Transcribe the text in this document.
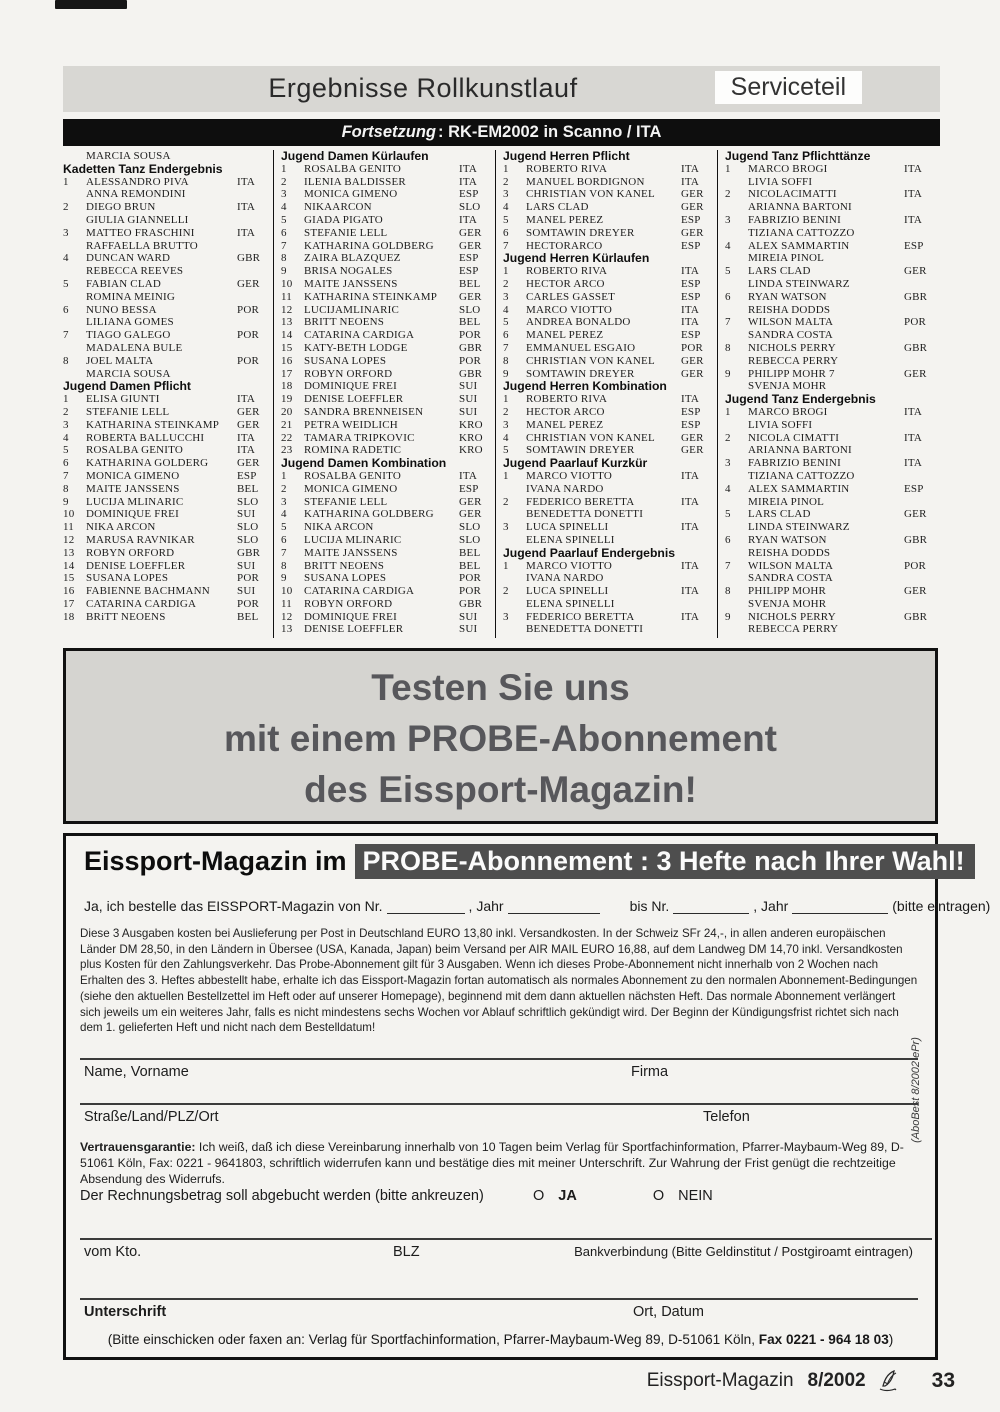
Ergebnisse Rollkunstlauf	Serviceteil
Fortsetzung : RK-EM2002 in Scanno / ITA
MARCIA SOUSA
Kadetten Tanz Endergebnis
1	ALESSANDRO PIVA	ITA
ANNA REMONDINI
2	DIEGO BRUN	ITA
GIULIA GIANNELLI
3	MATTEO FRASCHINI	ITA
RAFFAELLA BRUTTO
4	DUNCAN WARD	GBR
REBECCA REEVES
5	FABIAN CLAD	GER
ROMINA MEINIG
6	NUNO BESSA	POR
LILIANA GOMES
7	TIAGO GALEGO	POR
MADALENA BULE
8	JOEL MALTA	POR
MARCIA SOUSA
Jugend Damen Pflicht
1	ELISA GIUNTI	ITA
2	STEFANIE LELL	GER
3	KATHARINA STEINKAMP	GER
4	ROBERTA BALLUCCHI	ITA
5	ROSALBA GENITO	ITA
6	KATHARINA GOLDERG	GER
7	MONICA GIMENO	ESP
8	MAITE JANSSENS	BEL
9	LUCIJA MLINARIC	SLO
10	DOMINIQUE FREI	SUI
11	NIKA ARCON	SLO
12	MARUSA RAVNIKAR	SLO
13	ROBYN ORFORD	GBR
14	DENISE LOEFFLER	SUI
15	SUSANA LOPES	POR
16	FABIENNE BACHMANN	SUI
17	CATARINA CARDIGA	POR
18	BRiTT NEOENS	BEL
Jugend Damen Kürlaufen
1	ROSALBA GENITO	ITA
2	ILENIA BALDISSER	ITA
3	MONICA GIMENO	ESP
4	NIKAARCON	SLO
5	GIADA PIGATO	ITA
6	STEFANIE LELL	GER
7	KATHARINA GOLDBERG	GER
8	ZAIRA BLAZQUEZ	ESP
9	BRISA NOGALES	ESP
10	MAITE JANSSENS	BEL
11	KATHARINA STEINKAMP	GER
12	LUCIJAMLINARIC	SLO
13	BRITT NEOENS	BEL
14	CATARINA CARDIGA	POR
15	KATY-BETH LODGE	GBR
16	SUSANA LOPES	POR
17	ROBYN ORFORD	GBR
18	DOMINIQUE FREI	SUI
19	DENISE LOEFFLER	SUI
20	SANDRA BRENNEISEN	SUI
21	PETRA WEIDLICH	KRO
22	TAMARA TRIPKOVIC	KRO
23	ROMINA RADETIC	KRO
Jugend Damen Kombination
1	ROSALBA GENITO	ITA
2	MONICA GIMENO	ESP
3	STEFANIE LELL	GER
4	KATHARINA GOLDBERG	GER
5	NIKA ARCON	SLO
6	LUCIJA MLINARIC	SLO
7	MAITE JANSSENS	BEL
8	BRITT NEOENS	BEL
9	SUSANA LOPES	POR
10	CATARINA CARDIGA	POR
11	ROBYN ORFORD	GBR
12	DOMINIQUE FREI	SUI
13	DENISE LOEFFLER	SUI
Jugend Herren Pflicht
1	ROBERTO RIVA	ITA
2	MANUEL BORDIGNON	ITA
3	CHRISTIAN VON KANEL	GER
4	LARS CLAD	GER
5	MANEL PEREZ	ESP
6	SOMTAWIN DREYER	GER
7	HECTORARCO	ESP
Jugend Herren Kürlaufen
1	ROBERTO RIVA	ITA
2	HECTOR ARCO	ESP
3	CARLES GASSET	ESP
4	MARCO VIOTTO	ITA
5	ANDREA BONALDO	ITA
6	MANEL PEREZ	ESP
7	EMMANUEL ESGAIO	POR
8	CHRISTIAN VON KANEL	GER
9	SOMTAWIN DREYER	GER
Jugend Herren Kombination
1	ROBERTO RIVA	ITA
2	HECTOR ARCO	ESP
3	MANEL PEREZ	ESP
4	CHRISTIAN VON KANEL	GER
5	SOMTAWIN DREYER	GER
Jugend Paarlauf Kurzkür
1	MARCO VIOTTO	ITA
IVANA NARDO
2	FEDERICO BERETTA	ITA
BENEDETTA DONETTI
3	LUCA SPINELLI	ITA
ELENA SPINELLI
Jugend Paarlauf Endergebnis
1	MARCO VIOTTO	ITA
IVANA NARDO
2	LUCA SPINELLI	ITA
ELENA SPINELLI
3	FEDERICO BERETTA	ITA
BENEDETTA DONETTI
Jugend Tanz Pflichttänze
1	MARCO BROGI	ITA
LIVIA SOFFI
2	NICOLACIMATTI	ITA
ARIANNA BARTONI
3	FABRIZIO BENINI	ITA
TIZIANA CATTOZZO
4	ALEX SAMMARTIN	ESP
MIREIA PINOL
5	LARS CLAD	GER
LINDA STEINWARZ
6	RYAN WATSON	GBR
REISHA DODDS
7	WILSON MALTA	POR
SANDRA COSTA
8	NICHOLS PERRY	GBR
REBECCA PERRY
9	PHILIPP MOHR 7	GER
SVENJA MOHR
Jugend Tanz Endergebnis
1	MARCO BROGI	ITA
LIVIA SOFFI
2	NICOLA CIMATTI	ITA
ARIANNA BARTONI
3	FABRIZIO BENINI	ITA
TIZIANA CATTOZZO
4	ALEX SAMMARTIN	ESP
MIREIA PINOL
5	LARS CLAD	GER
LINDA STEINWARZ
6	RYAN WATSON	GBR
REISHA DODDS
7	WILSON MALTA	POR
SANDRA COSTA
8	PHILIPP MOHR	GER
SVENJA MOHR
9	NICHOLS PERRY	GBR
REBECCA PERRY
Testen Sie uns
mit einem PROBE-Abonnement
des Eissport-Magazin!
Eissport-Magazin im PROBE-Abonnement : 3 Hefte nach Ihrer Wahl!
Ja, ich bestelle das EISSPORT-Magazin von Nr.	, Jahr	bis Nr.	, Jahr	(bitte eintragen)
Diese 3 Ausgaben kosten bei Auslieferung per Post in Deutschland EURO 13,80 inkl. Versandkosten. In der Schweiz SFr 24,-, in allen anderen europäischen Länder DM 28,50, in den Ländern in Übersee (USA, Kanada, Japan) beim Versand per AIR MAIL EURO 16,88, auf dem Landweg DM 14,70 inkl. Versandkosten plus Kosten für den Zahlungsverkehr. Das Probe-Abonnement gilt für 3 Ausgaben. Wenn ich dieses Probe-Abonnement nicht innerhalb von 2 Wochen nach Erhalten des 3. Heftes abbestellt habe, erhalte ich das Eissport-Magazin fortan automatisch als normales Abonnement zu den normalen Abonnement-Bedingungen (siehe den aktuellen Bestellzettel im Heft oder auf unserer Homepage), beginnend mit dem dann aktuellen nächsten Heft. Das normale Abonnement verlängert sich jeweils um ein weiteres Jahr, falls es nicht mindestens sechs Wochen vor Ablauf schriftlich gekündigt wird. Der Beginn der Kündigungsfrist richtet sich nach dem 1. gelieferten Heft und nicht nach dem Bestelldatum!
(AboBest 8/2002 ePr)
Name, Vorname	Firma
Straße/Land/PLZ/Ort	Telefon
Vertrauensgarantie: Ich weiß, daß ich diese Vereinbarung innerhalb von 10 Tagen beim Verlag für Sportfachinformation, Pfarrer-Maybaum-Weg 89, D-51061 Köln, Fax: 0221 - 9641803, schriftlich widerrufen kann und bestätige dies mit meiner Unterschrift. Zur Wahrung der Frist genügt die rechtzeitige Absendung des Widerrufs.
Der Rechnungsbetrag soll abgebucht werden (bitte ankreuzen)	O JA	O NEIN
vom Kto.	BLZ	Bankverbindung (Bitte Geldinstitut / Postgiroamt eintragen)
Unterschrift	Ort, Datum
(Bitte einschicken oder faxen an: Verlag für Sportfachinformation, Pfarrer-Maybaum-Weg 89, D-51061 Köln, Fax 0221 - 964 18 03)
Eissport-Magazin 8/2002	33
